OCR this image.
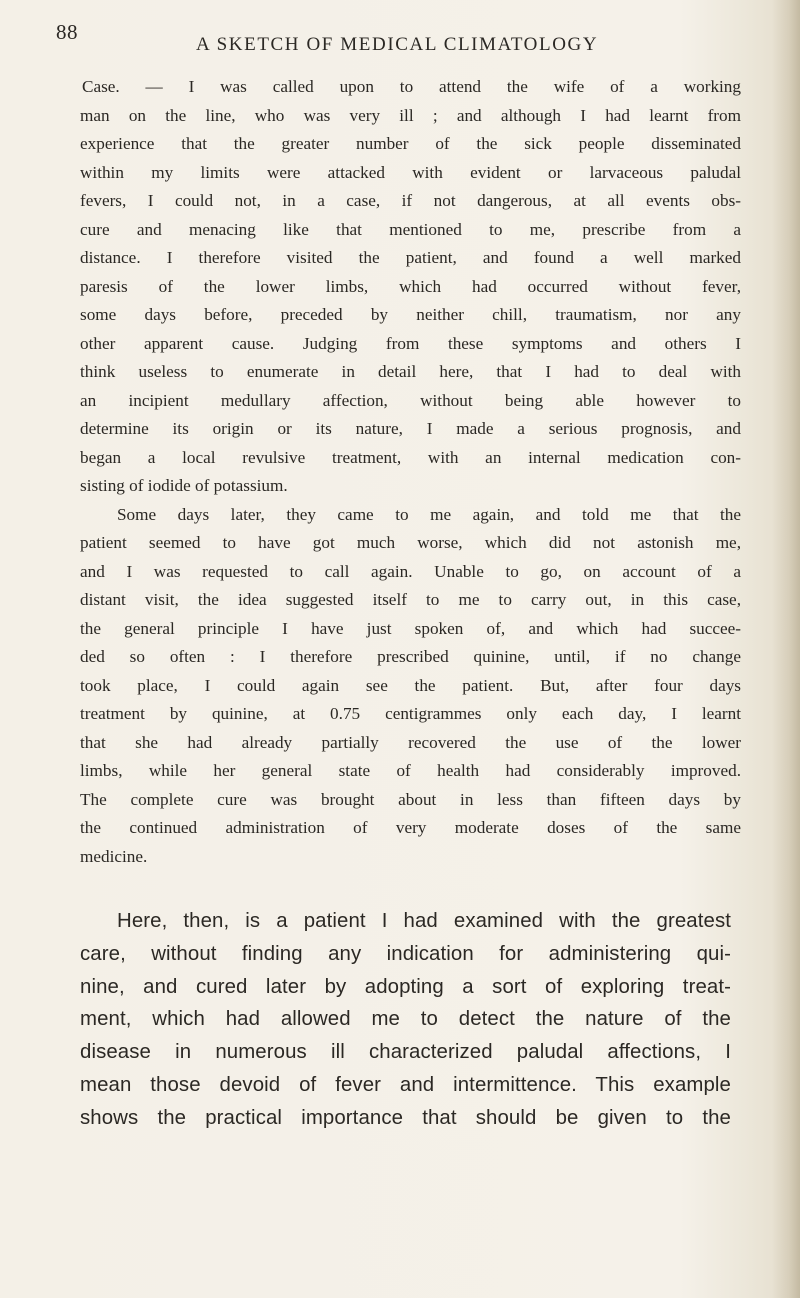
88
A SKETCH OF MEDICAL CLIMATOLOGY
Case. — I was called upon to attend the wife of a working
man on the line, who was very ill ; and although I had learnt from
experience that the greater number of the sick people disseminated
within my limits were attacked with evident or larvaceous paludal
fevers, I could not, in a case, if not dangerous, at all events obs-
cure and menacing like that mentioned to me, prescribe from a
distance. I therefore visited the patient, and found a well marked
paresis of the lower limbs, which had occurred without fever,
some days before, preceded by neither chill, traumatism, nor any
other apparent cause. Judging from these symptoms and others I
think useless to enumerate in detail here, that I had to deal with
an incipient medullary affection, without being able however to
determine its origin or its nature, I made a serious prognosis, and
began a local revulsive treatment, with an internal medication con-
sisting of iodide of potassium.
Some days later, they came to me again, and told me that the
patient seemed to have got much worse, which did not astonish me,
and I was requested to call again. Unable to go, on account of a
distant visit, the idea suggested itself to me to carry out, in this case,
the general principle I have just spoken of, and which had succee-
ded so often : I therefore prescribed quinine, until, if no change
took place, I could again see the patient. But, after four days
treatment by quinine, at 0.75 centigrammes only each day, I learnt
that she had already partially recovered the use of the lower
limbs, while her general state of health had considerably improved.
The complete cure was brought about in less than fifteen days by
the continued administration of very moderate doses of the same
medicine.
Here, then, is a patient I had examined with the greatest
care, without finding any indication for administering qui-
nine, and cured later by adopting a sort of exploring treat-
ment, which had allowed me to detect the nature of the
disease in numerous ill characterized paludal affections, I
mean those devoid of fever and intermittence. This example
shows the practical importance that should be given to the
